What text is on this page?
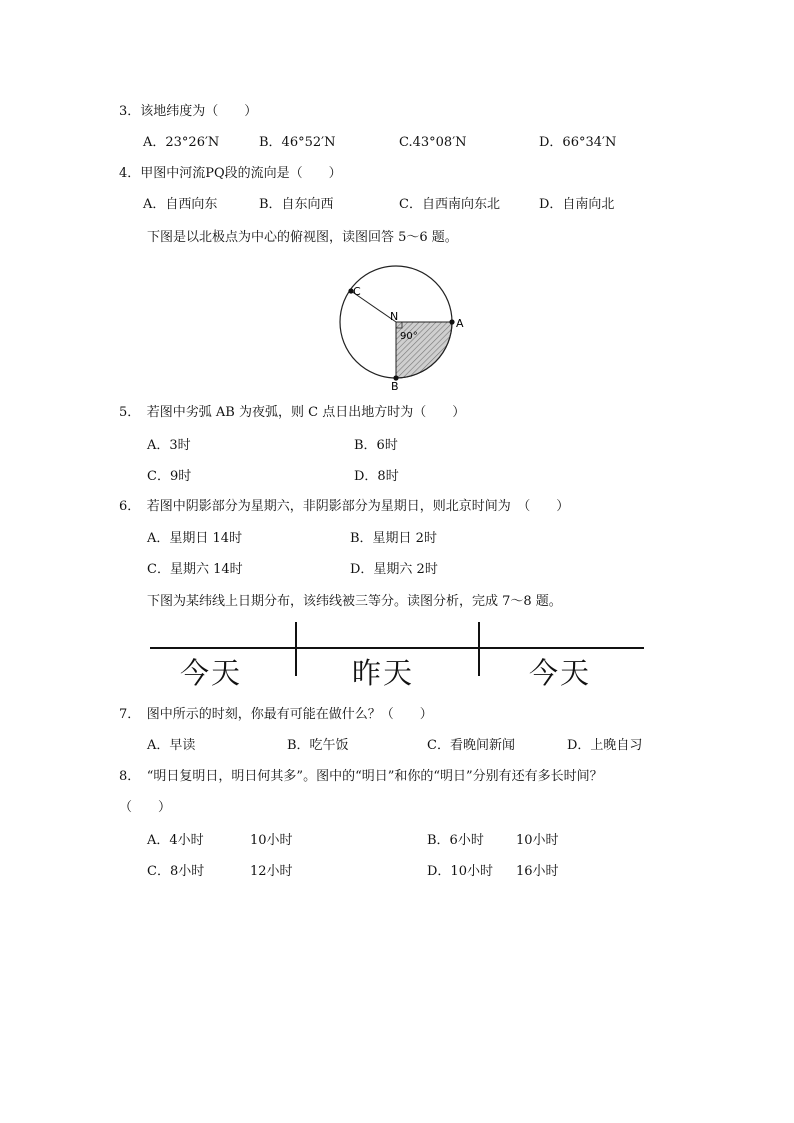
3．该地纬度为（　　）
A．23°26′N	B．46°52′N	C.43°08′N	D．66°34′N
4．甲图中河流PQ段的流向是（　　）
A．自西向东	B．自东向西	C．自西南向东北	D．自南向北
下图是以北极点为中心的俯视图，读图回答 5～6 题。
C
N
A
B
90°
5．　若图中劣弧 AB 为夜弧，则 C 点日出地方时为（　　）
A．3时	B．6时
C．9时	D．8时
6．　若图中阴影部分为星期六，非阴影部分为星期日，则北京时间为　（　　）
A．星期日 14时	B．星期日 2时
C．星期六 14时	D．星期六 2时
下图为某纬线上日期分布，该纬线被三等分。读图分析，完成 7～8 题。
今天	昨天	今天
7．　图中所示的时刻，你最有可能在做什么？（　　）
A．早读	B．吃午饭	C．看晚间新闻	D．上晚自习
8．　“明日复明日，明日何其多”。图中的“明日”和你的“明日”分别有还有多长时间？
（　　）
A．4小时	10小时	B．6小时 10小时
C．8小时	12小时	D．10小时 16小时
